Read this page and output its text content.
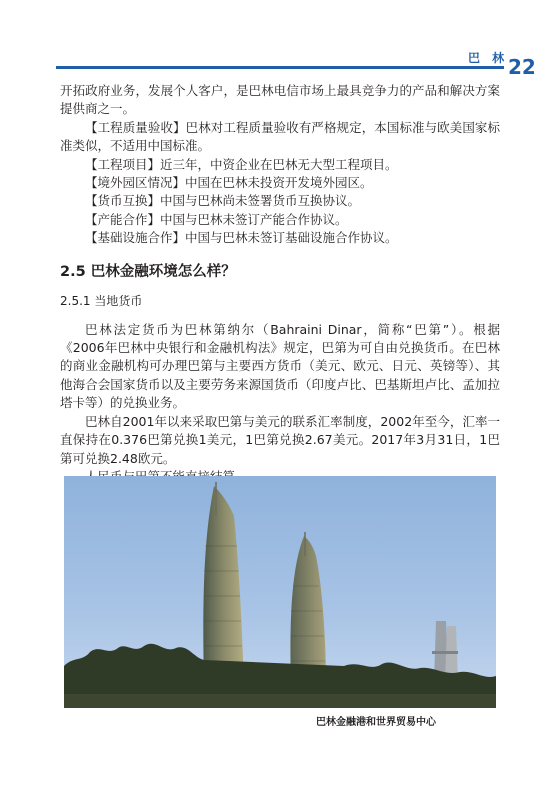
巴 林 22

开拓政府业务，发展个人客户，是巴林电信市场上最具竞争力的产品和解决方案提供商之一。

【工程质量验收】巴林对工程质量验收有严格规定，本国标准与欧美国家标准类似，不适用中国标准。

【工程项目】近三年，中资企业在巴林无大型工程项目。

【境外园区情况】中国在巴林未投资开发境外园区。

【货币互换】中国与巴林尚未签署货币互换协议。

【产能合作】中国与巴林未签订产能合作协议。

【基础设施合作】中国与巴林未签订基础设施合作协议。

2.5 巴林金融环境怎么样？
2.5.1 当地货币

巴林法定货币为巴林第纳尔（Bahraini Dinar，简称“巴第”）。根据《2006年巴林中央银行和金融机构法》规定，巴第为可自由兑换货币。在巴林的商业金融机构可办理巴第与主要西方货币（美元、欧元、日元、英镑等）、其他海合会国家货币以及主要劳务来源国货币（印度卢比、巴基斯坦卢比、孟加拉塔卡等）的兑换业务。

巴林自2001年以来采取巴第与美元的联系汇率制度，2002年至今，汇率一直保持在0.376巴第兑换1美元，1巴第兑换2.67美元。2017年3月31日，1巴第可兑换2.48欧元。

巴林金融港和世界贸易中心
